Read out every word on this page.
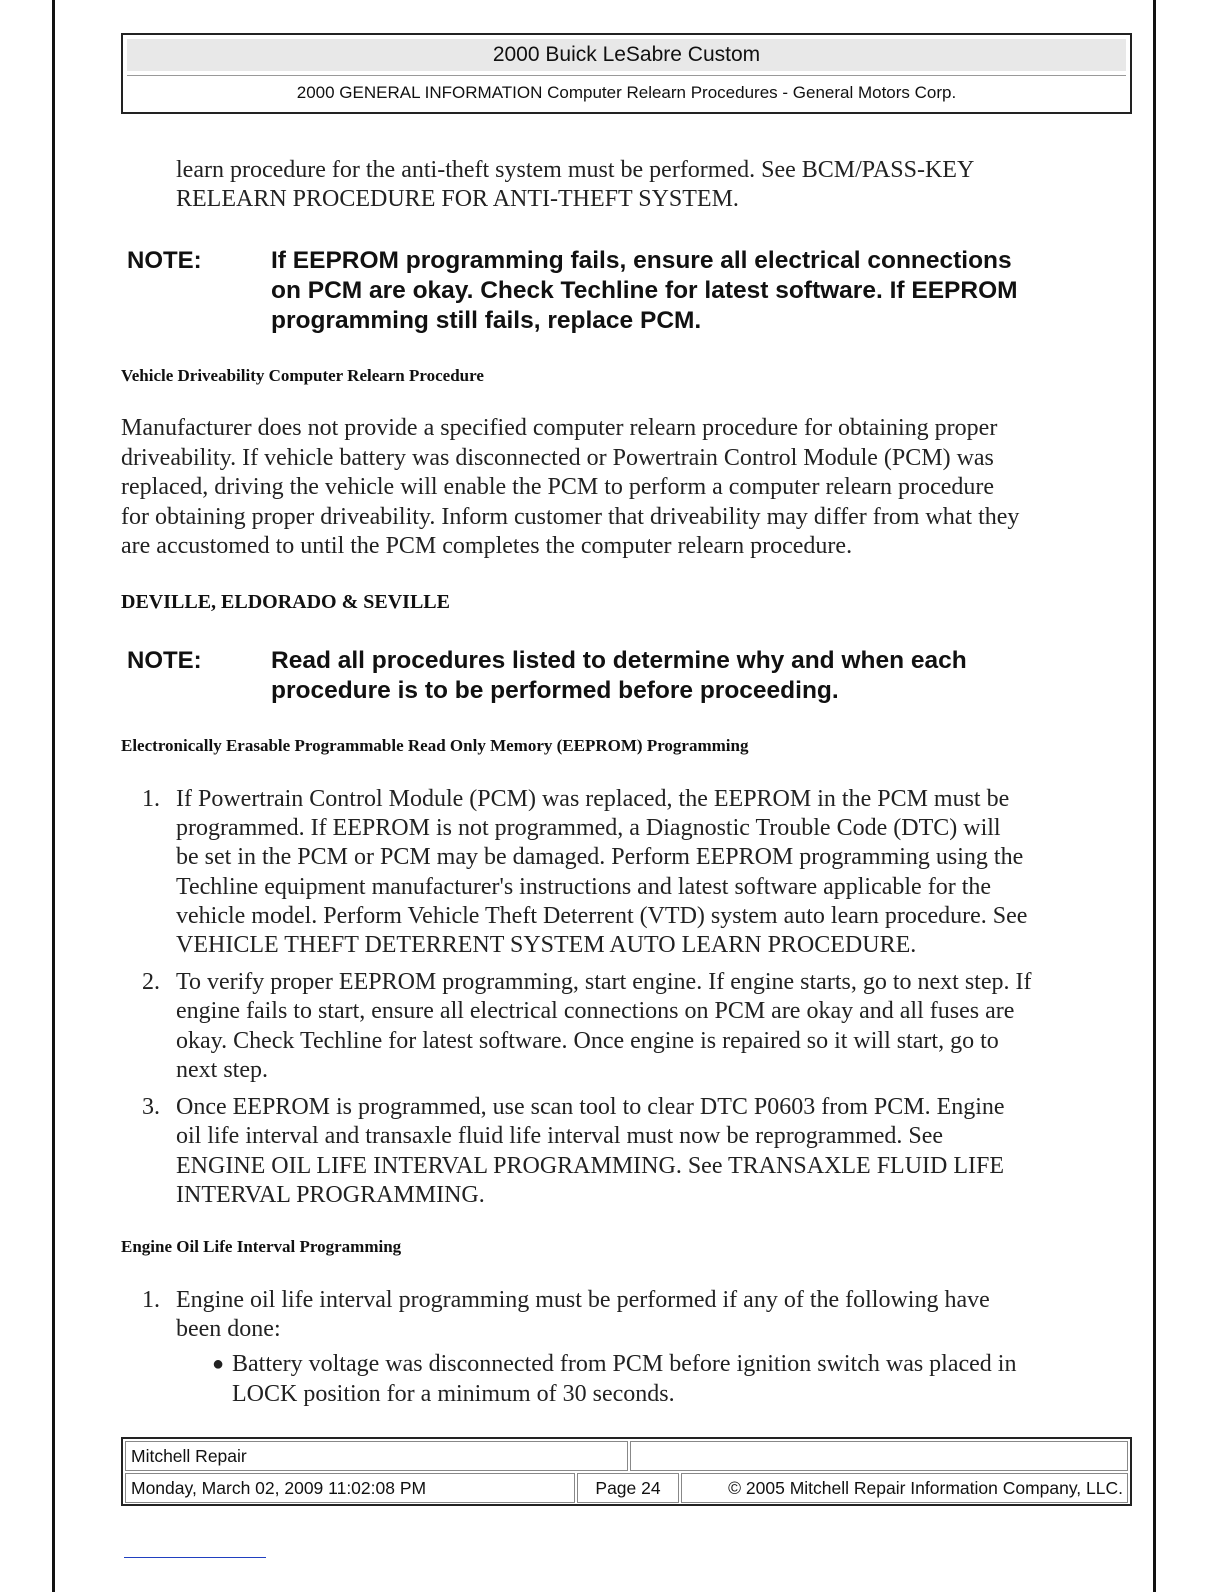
2000 Buick LeSabre Custom
2000 GENERAL INFORMATION Computer Relearn Procedures - General Motors Corp.
learn procedure for the anti-theft system must be performed. See BCM/PASS-KEY
RELEARN PROCEDURE FOR ANTI-THEFT SYSTEM.
NOTE:	If EEPROM programming fails, ensure all electrical connections
on PCM are okay. Check Techline for latest software. If EEPROM
programming still fails, replace PCM.
Vehicle Driveability Computer Relearn Procedure
Manufacturer does not provide a specified computer relearn procedure for obtaining proper
driveability. If vehicle battery was disconnected or Powertrain Control Module (PCM) was
replaced, driving the vehicle will enable the PCM to perform a computer relearn procedure
for obtaining proper driveability. Inform customer that driveability may differ from what they
are accustomed to until the PCM completes the computer relearn procedure.
DEVILLE, ELDORADO & SEVILLE
NOTE:	Read all procedures listed to determine why and when each
procedure is to be performed before proceeding.
Electronically Erasable Programmable Read Only Memory (EEPROM) Programming
1. If Powertrain Control Module (PCM) was replaced, the EEPROM in the PCM must be
programmed. If EEPROM is not programmed, a Diagnostic Trouble Code (DTC) will
be set in the PCM or PCM may be damaged. Perform EEPROM programming using the
Techline equipment manufacturer's instructions and latest software applicable for the
vehicle model. Perform Vehicle Theft Deterrent (VTD) system auto learn procedure. See
VEHICLE THEFT DETERRENT SYSTEM AUTO LEARN PROCEDURE.
2. To verify proper EEPROM programming, start engine. If engine starts, go to next step. If
engine fails to start, ensure all electrical connections on PCM are okay and all fuses are
okay. Check Techline for latest software. Once engine is repaired so it will start, go to
next step.
3. Once EEPROM is programmed, use scan tool to clear DTC P0603 from PCM. Engine
oil life interval and transaxle fluid life interval must now be reprogrammed. See
ENGINE OIL LIFE INTERVAL PROGRAMMING. See TRANSAXLE FLUID LIFE
INTERVAL PROGRAMMING.
Engine Oil Life Interval Programming
1. Engine oil life interval programming must be performed if any of the following have
been done:
● Battery voltage was disconnected from PCM before ignition switch was placed in
LOCK position for a minimum of 30 seconds.
Mitchell Repair
Monday, March 02, 2009 11:02:08 PM	Page 24	© 2005 Mitchell Repair Information Company, LLC.
